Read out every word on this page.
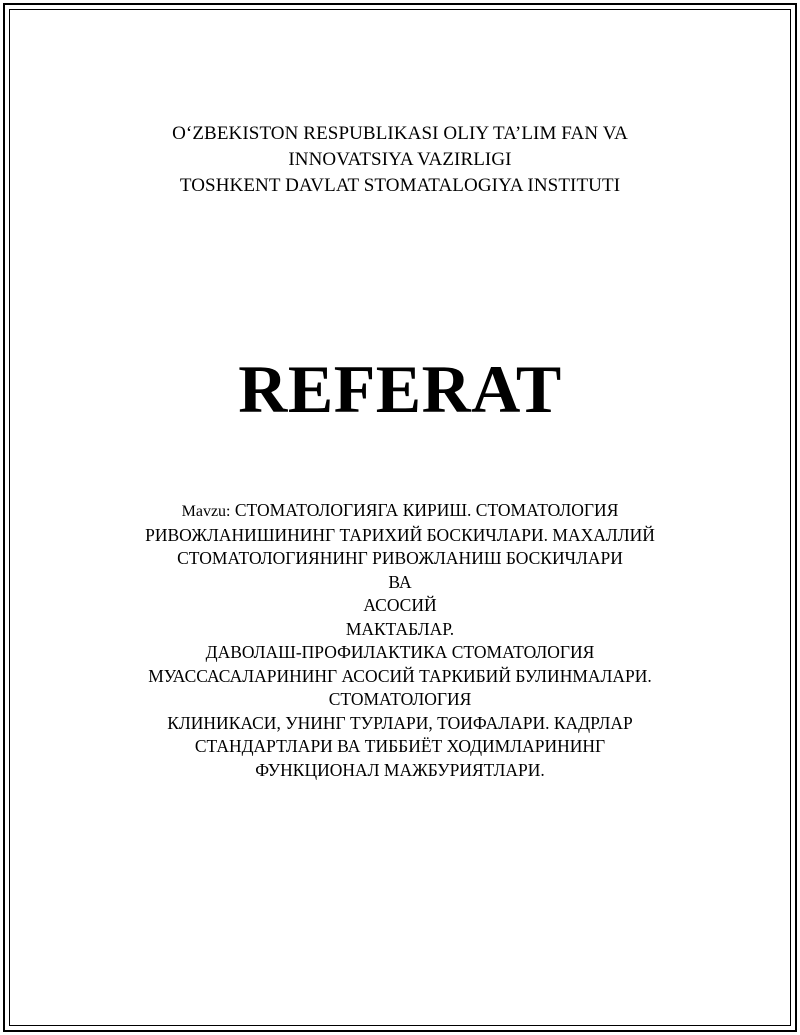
O‘ZBEKISTON RESPUBLIKASI OLIY TA’LIM FAN VA
INNOVATSIYA VAZIRLIGI
TOSHKENT DAVLAT STOMATALOGIYA INSTITUTI
REFERAT
Mavzu: СТОМАТОЛОГИЯГА КИРИШ. СТОМАТОЛОГИЯ
РИВОЖЛАНИШИНИНГ ТАРИХИЙ БОСКИЧЛАРИ. МАХАЛЛИЙ
СТОМАТОЛОГИЯНИНГ РИВОЖЛАНИШ БОСКИЧЛАРИ
ВА
АСОСИЙ
МАКТАБЛАР.
ДАВОЛАШ-ПРОФИЛАКТИКА СТОМАТОЛОГИЯ
МУАССАСАЛАРИНИНГ АСОСИЙ ТАРКИБИЙ БУЛИНМАЛАРИ.
СТОМАТОЛОГИЯ
КЛИНИКАСИ, УНИНГ ТУРЛАРИ, ТОИФАЛАРИ. КАДРЛАР
СТАНДАРТЛАРИ ВА ТИББИЁТ ХОДИМЛАРИНИНГ
ФУНКЦИОНАЛ МАЖБУРИЯТЛАРИ.
